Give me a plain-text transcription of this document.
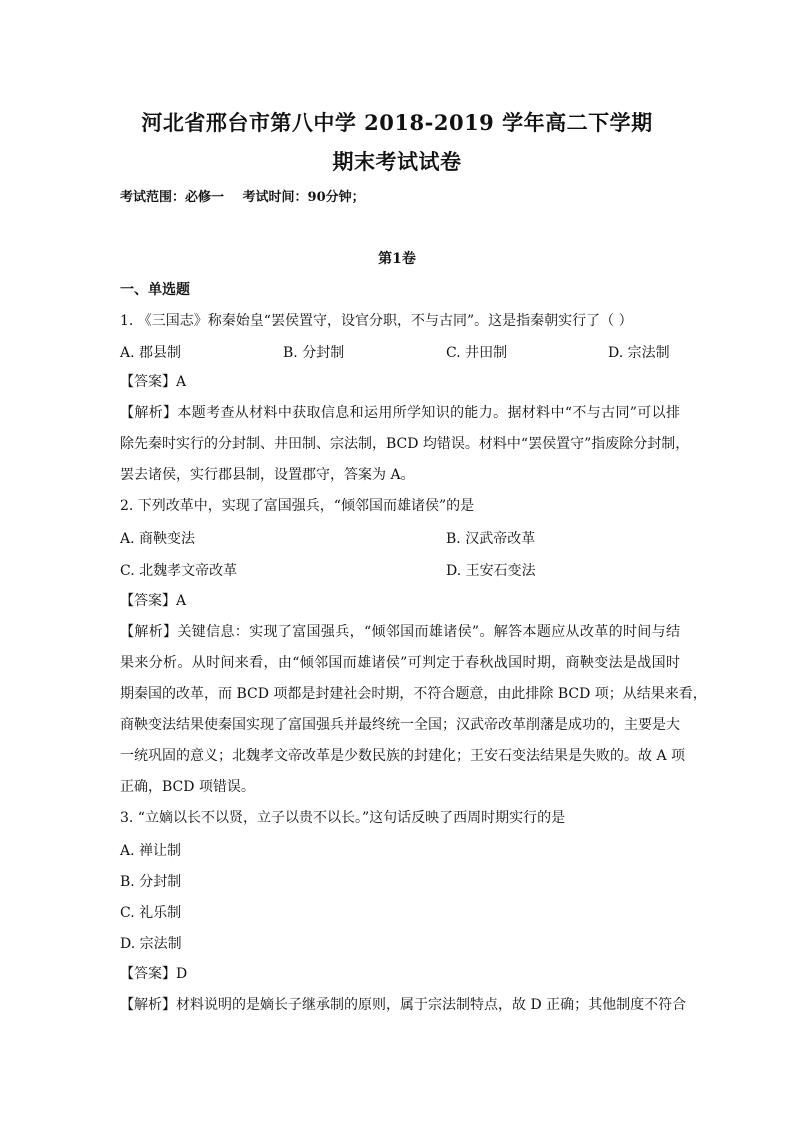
河北省邢台市第八中学 2018-2019 学年高二下学期
期末考试试卷
考试范围：必修一 考试时间：90分钟；
第1卷
一、单选题
1. 《三国志》称秦始皇“罢侯置守，设官分职，不与古同”。这是指秦朝实行了（ ）
A. 郡县制	B. 分封制	C. 井田制	D. 宗法制
【答案】A
【解析】本题考查从材料中获取信息和运用所学知识的能力。据材料中“不与古同”可以排
除先秦时实行的分封制、井田制、宗法制，BCD 均错误。材料中“罢侯置守”指废除分封制，
罢去诸侯，实行郡县制，设置郡守，答案为 A。
2. 下列改革中，实现了富国强兵，“倾邻国而雄诸侯”的是
A. 商鞅变法	B. 汉武帝改革
C. 北魏孝文帝改革	D. 王安石变法
【答案】A
【解析】关键信息：实现了富国强兵，“倾邻国而雄诸侯”。解答本题应从改革的时间与结
果来分析。从时间来看，由“倾邻国而雄诸侯”可判定于春秋战国时期，商鞅变法是战国时
期秦国的改革，而 BCD 项都是封建社会时期，不符合题意，由此排除 BCD 项；从结果来看，
商鞅变法结果使秦国实现了富国强兵并最终统一全国；汉武帝改革削藩是成功的，主要是大
一统巩固的意义；北魏孝文帝改革是少数民族的封建化；王安石变法结果是失败的。故 A 项
正确，BCD 项错误。
3. “立嫡以长不以贤，立子以贵不以长。”这句话反映了西周时期实行的是
A. 禅让制
B. 分封制
C. 礼乐制
D. 宗法制
【答案】D
【解析】材料说明的是嫡长子继承制的原则，属于宗法制特点，故 D 正确；其他制度不符合
